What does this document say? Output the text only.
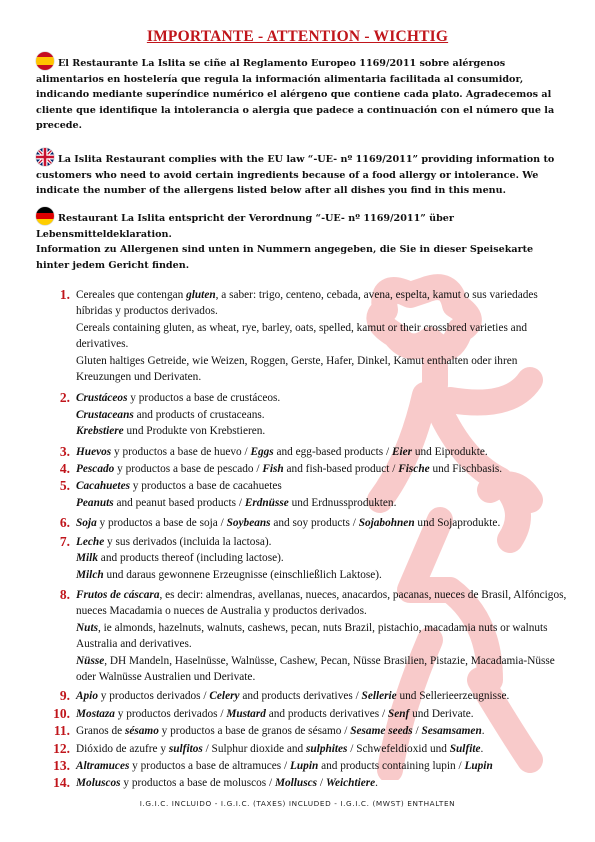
IMPORTANTE - ATTENTION - WICHTIG
El Restaurante La Islita se ciñe al Reglamento Europeo 1169/2011 sobre alérgenos alimentarios en hostelería que regula la información alimentaria facilitada al consumidor, indicando mediante superíndice numérico el alérgeno que contiene cada plato. Agradecemos al cliente que identifique la intolerancia o alergia que padece a continuación con el número que la precede.
La Islita Restaurant complies with the EU law “-UE- nº 1169/2011” providing information to customers who need to avoid certain ingredients because of a food allergy or intolerance. We indicate the number of the allergens listed below after all dishes you find in this menu.
Restaurant La Islita entspricht der Verordnung “-UE- nº 1169/2011” über Lebensmitteldeklaration.
Information zu Allergenen sind unten in Nummern angegeben, die Sie in dieser Speisekarte hinter jedem Gericht finden.
1. Cereales que contengan gluten, a saber: trigo, centeno, cebada, avena, espelta, kamut o sus variedades híbridas y productos derivados.

Cereals containing gluten, as wheat, rye, barley, oats, spelled, kamut or their crossbred varieties and derivatives.

Gluten haltiges Getreide, wie Weizen, Roggen, Gerste, Hafer, Dinkel, Kamut enthalten oder ihren Kreuzungen und Derivaten.

2. Crustáceos y productos a base de crustáceos.

Crustaceans and products of crustaceans.

Krebstiere und Produkte von Krebstieren.

3. Huevos y productos a base de huevo / Eggs and egg-based products / Eier und Eiprodukte.

4. Pescado y productos a base de pescado / Fish and fish-based product / Fische und Fischbasis.

5. Cacahuetes y productos a base de cacahuetes

Peanuts and peanut based products / Erdnüsse und Erdnussprodukten.

6. Soja y productos a base de soja / Soybeans and soy products / Sojabohnen und Sojaprodukte.

7. Leche y sus derivados (incluida la lactosa).

Milk and products thereof (including lactose).

Milch und daraus gewonnene Erzeugnisse (einschließlich Laktose).

8. Frutos de cáscara, es decir: almendras, avellanas, nueces, anacardos, pacanas, nueces de Brasil, Alfóncigos, nueces Macadamia o nueces de Australia y productos derivados.

Nuts, ie almonds, hazelnuts, walnuts, cashews, pecan, nuts Brazil, pistachio, macadamia nuts or walnuts Australia and derivatives.

Nüsse, DH Mandeln, Haselnüsse, Walnüsse, Cashew, Pecan, Nüsse Brasilien, Pistazie, Macadamia-Nüsse oder Walnüsse Australien und Derivate.

9. Apio y productos derivados / Celery and products derivatives / Sellerie und Sellerieerzeugnisse.

10. Mostaza y productos derivados / Mustard and products derivatives / Senf und Derivate.

11. Granos de sésamo y productos a base de granos de sésamo / Sesame seeds / Sesamsamen.

12. Dióxido de azufre y sulfitos / Sulphur dioxide and sulphites / Schwefeldioxid und Sulfite.

13. Altramuces y productos a base de altramuces / Lupin and products containing lupin / Lupin

14. Moluscos y productos a base de moluscos / Molluscs / Weichtiere.

I.G.I.C. INCLUIDO - I.G.I.C. (TAXES) INCLUDED - I.G.I.C. (MWST) ENTHALTEN
